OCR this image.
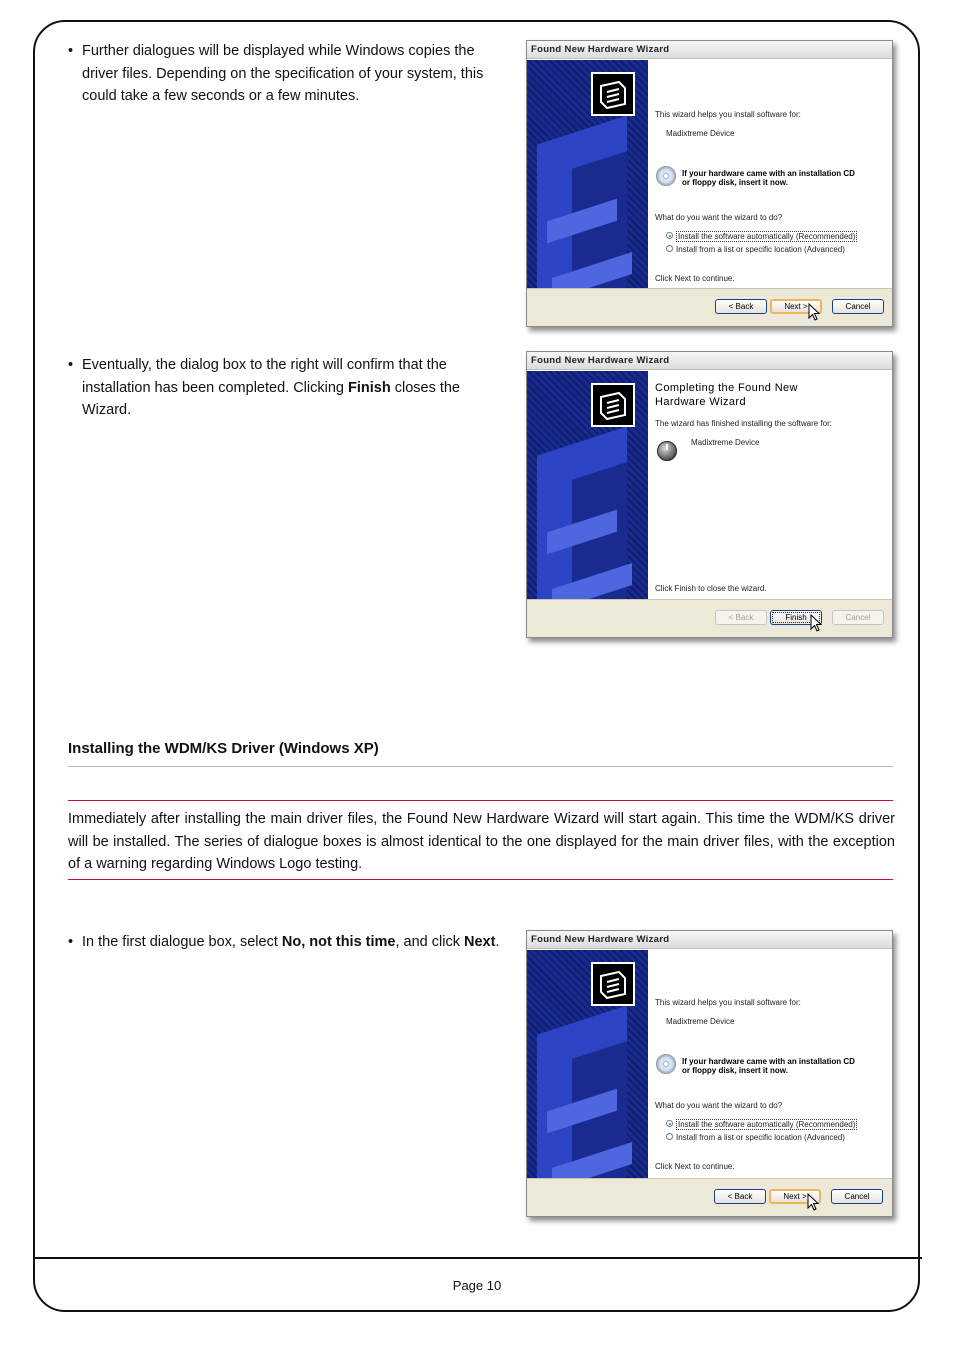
• Further dialogues will be displayed while Windows copies the driver files. Depending on the specification of your system, this could take a few seconds or a few minutes.
Found New Hardware Wizard
This wizard helps you install software for:
Madixtreme Device
If your hardware came with an installation CD
or floppy disk, insert it now.
What do you want the wizard to do?
Install the software automatically (Recommended)
Install from a list or specific location (Advanced)
Click Next to continue.
< Back	Next >	Cancel
• Eventually, the dialog box to the right will confirm that the installation has been completed. Clicking Finish closes the Wizard.
Found New Hardware Wizard
Completing the Found New
Hardware Wizard
The wizard has finished installing the software for:
Madixtreme Device
Click Finish to close the wizard.
< Back	Finish	Cancel
Installing the WDM/KS Driver (Windows XP)
Immediately after installing the main driver files, the Found New Hardware Wizard will start again. This time the WDM/KS driver will be installed. The series of dialogue boxes is almost identical to the one displayed for the main driver files, with the exception of a warning regarding Windows Logo testing.
• In the first dialogue box, select No, not this time, and click Next.	Found New Hardware Wizard
This wizard helps you install software for:
Madixtreme Device
If your hardware came with an installation CD
or floppy disk, insert it now.
What do you want the wizard to do?
Install the software automatically (Recommended)
Install from a list or specific location (Advanced)
Click Next to continue.
< Back	Next >	Cancel
Page 10
